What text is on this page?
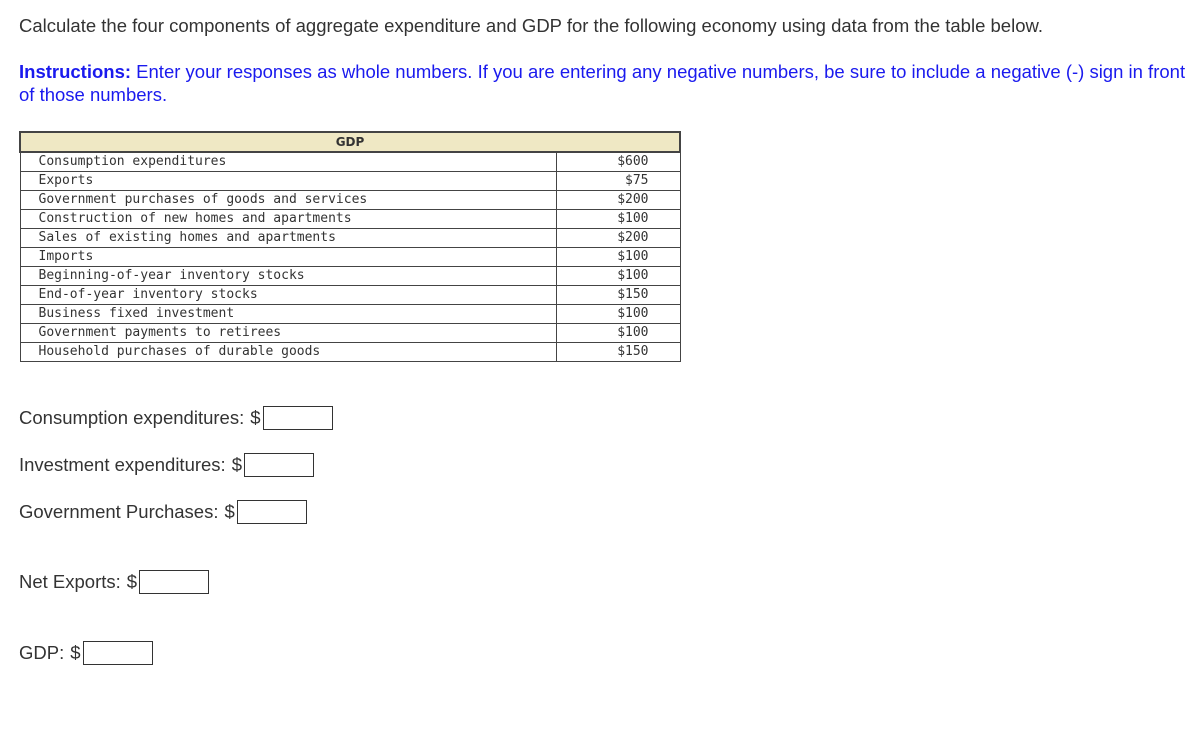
Calculate the four components of aggregate expenditure and GDP for the following economy using data from the table below.
Instructions: Enter your responses as whole numbers. If you are entering any negative numbers, be sure to include a negative (-) sign in front of those numbers.
GDP	
Consumption expenditures	$600
Exports	$75
Government purchases of goods and services	$200
Construction of new homes and apartments	$100
Sales of existing homes and apartments	$200
Imports	$100
Beginning-of-year inventory stocks	$100
End-of-year inventory stocks	$150
Business fixed investment	$100
Government payments to retirees	$100
Household purchases of durable goods	$150
Consumption expenditures: $
Investment expenditures: $
Government Purchases: $
Net Exports: $
GDP: $
